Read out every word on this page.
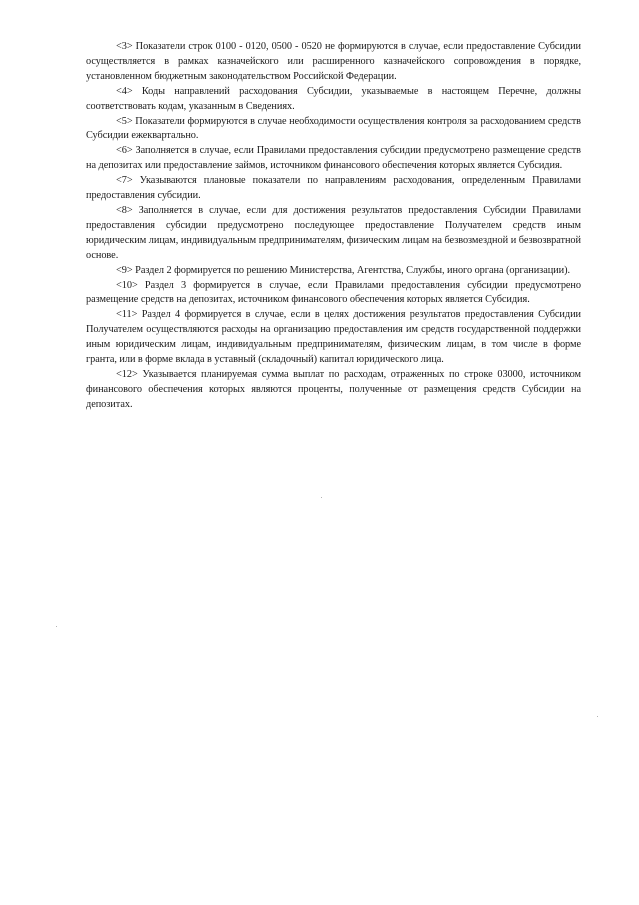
<3> Показатели строк 0100 - 0120, 0500 - 0520 не формируются в случае, если предоставление Субсидии осуществляется в рамках казначейского или расширенного казначейского сопровождения в порядке, установленном бюджетным законодательством Российской Федерации.

<4> Коды направлений расходования Субсидии, указываемые в настоящем Перечне, должны соответствовать кодам, указанным в Сведениях.

<5> Показатели формируются в случае необходимости осуществления контроля за расходованием средств Субсидии ежеквартально.

<6> Заполняется в случае, если Правилами предоставления субсидии предусмотрено размещение средств на депозитах или предоставление займов, источником финансового обеспечения которых является Субсидия.

<7> Указываются плановые показатели по направлениям расходования, определенным Правилами предоставления субсидии.

<8> Заполняется в случае, если для достижения результатов предоставления Субсидии Правилами предоставления субсидии предусмотрено последующее предоставление Получателем средств иным юридическим лицам, индивидуальным предпринимателям, физическим лицам на безвозмездной и безвозвратной основе.

<9> Раздел 2 формируется по решению Министерства, Агентства, Службы, иного органа (организации).

<10> Раздел 3 формируется в случае, если Правилами предоставления субсидии предусмотрено размещение средств на депозитах, источником финансового обеспечения которых является Субсидия.

<11> Раздел 4 формируется в случае, если в целях достижения результатов предоставления Субсидии Получателем осуществляются расходы на организацию предоставления им средств государственной поддержки иным юридическим лицам, индивидуальным предпринимателям, физическим лицам, в том числе в форме гранта, или в форме вклада в уставный (складочный) капитал юридического лица.

<12> Указывается планируемая сумма выплат по расходам, отраженных по строке 03000, источником финансового обеспечения которых являются проценты, полученные от размещения средств Субсидии на депозитах.
